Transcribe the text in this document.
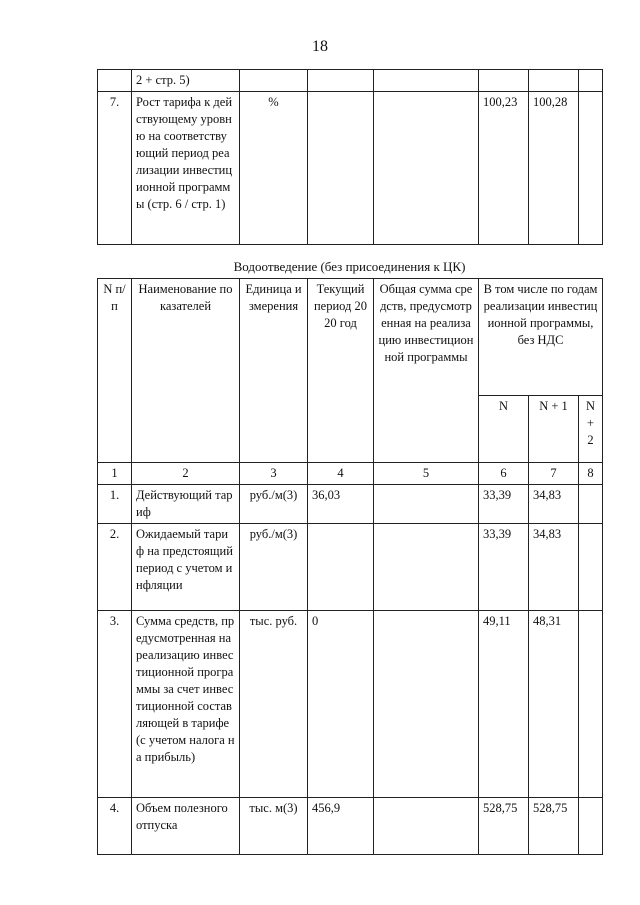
18
	2 + стр. 5)						
7.	Рост тарифа к действующему уровню на соответствующий период реализации инвестиционной программы (стр. 6 / стр. 1)	%			100,23	100,28	
Водоотведение (без присоединения к ЦК)
N п/п	Наименование показателей	Единица измерения	Текущий период 2020 год	Общая сумма средств, предусмотренная на реализацию инвестиционной программы	В том числе по годам реализации инвестиционной программы, без НДС		
					N	N + 1	N + 2
1	2	3	4	5	6	7	8
1.	Действующий тариф	руб./м(3)	36,03		33,39	34,83	
2.	Ожидаемый тариф на предстоящий период с учетом инфляции	руб./м(3)			33,39	34,83	
3.	Сумма средств, предусмотренная на реализацию инвестиционной программы за счет инвестиционной составляющей в тарифе (с учетом налога на прибыль)	тыс. руб.	0		49,11	48,31	
4.	Объем полезного отпуска	тыс. м(3)	456,9		528,75	528,75	
